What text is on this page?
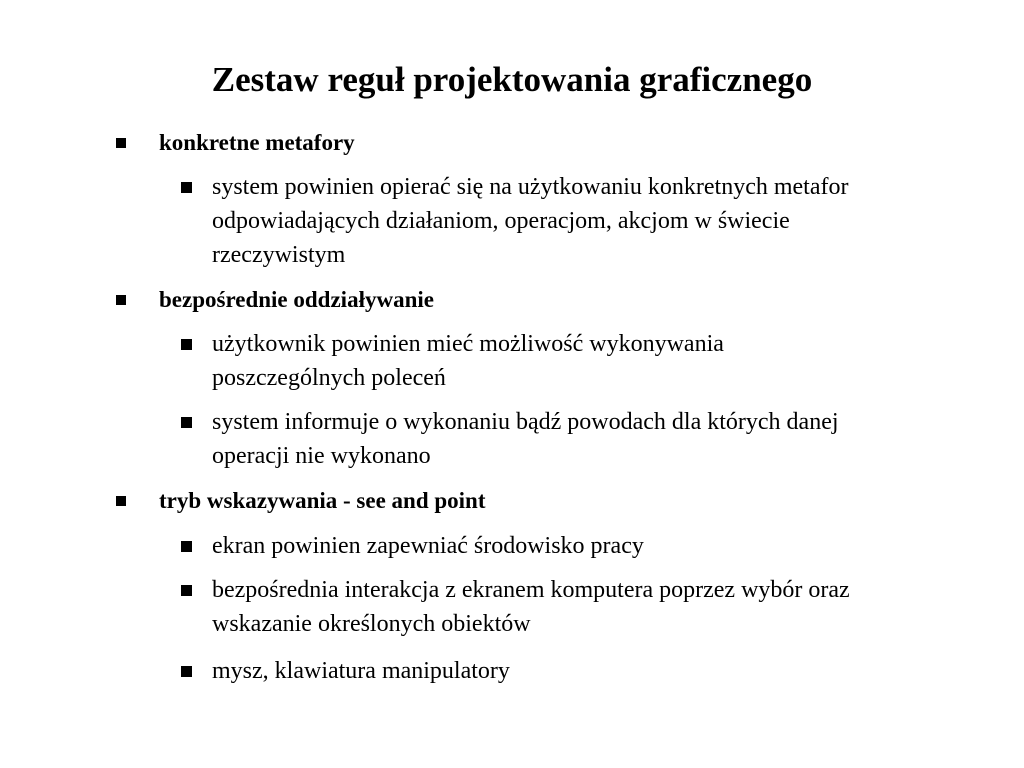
Zestaw reguł projektowania graficznego
konkretne metafory
system powinien opierać się na użytkowaniu konkretnych metafor odpowiadających działaniom, operacjom, akcjom w świecie rzeczywistym
bezpośrednie oddziaływanie
użytkownik powinien mieć możliwość wykonywania poszczególnych poleceń
system informuje o wykonaniu bądź powodach dla których danej operacji nie wykonano
tryb wskazywania - see and point
ekran powinien zapewniać środowisko pracy
bezpośrednia interakcja z ekranem komputera poprzez wybór oraz wskazanie określonych obiektów
mysz, klawiatura manipulatory
